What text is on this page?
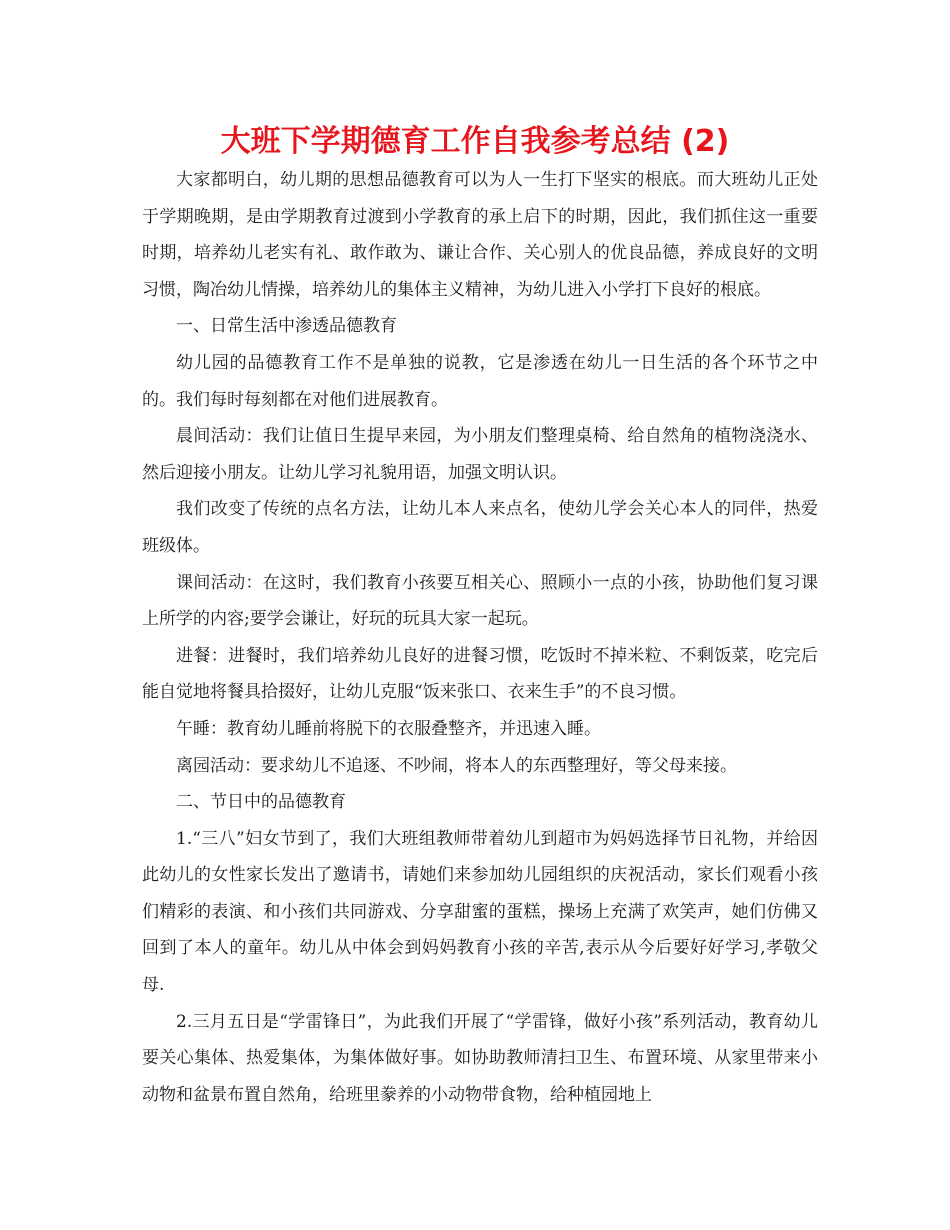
大班下学期德育工作自我参考总结 (2)

大家都明白，幼儿期的思想品德教育可以为人一生打下坚实的根底。而大班幼儿正处于学期晚期，是由学期教育过渡到小学教育的承上启下的时期，因此，我们抓住这一重要时期，培养幼儿老实有礼、敢作敢为、谦让合作、关心别人的优良品德，养成良好的文明习惯，陶冶幼儿情操，培养幼儿的集体主义精神，为幼儿进入小学打下良好的根底。

一、日常生活中渗透品德教育

幼儿园的品德教育工作不是单独的说教，它是渗透在幼儿一日生活的各个环节之中的。我们每时每刻都在对他们进展教育。

晨间活动：我们让值日生提早来园，为小朋友们整理桌椅、给自然角的植物浇浇水、然后迎接小朋友。让幼儿学习礼貌用语，加强文明认识。

我们改变了传统的点名方法，让幼儿本人来点名，使幼儿学会关心本人的同伴，热爱班级体。

课间活动：在这时，我们教育小孩要互相关心、照顾小一点的小孩，协助他们复习课上所学的内容;要学会谦让，好玩的玩具大家一起玩。

进餐：进餐时，我们培养幼儿良好的进餐习惯，吃饭时不掉米粒、不剩饭菜，吃完后能自觉地将餐具拾掇好，让幼儿克服“饭来张口、衣来生手”的不良习惯。

午睡：教育幼儿睡前将脱下的衣服叠整齐，并迅速入睡。

离园活动：要求幼儿不追逐、不吵闹，将本人的东西整理好，等父母来接。

二、节日中的品德教育

1.“三八”妇女节到了，我们大班组教师带着幼儿到超市为妈妈选择节日礼物，并给因此幼儿的女性家长发出了邀请书，请她们来参加幼儿园组织的庆祝活动，家长们观看小孩们精彩的表演、和小孩们共同游戏、分享甜蜜的蛋糕，操场上充满了欢笑声，她们仿佛又回到了本人的童年。幼儿从中体会到妈妈教育小孩的辛苦,表示从今后要好好学习,孝敬父母.

2.三月五日是“学雷锋日”，为此我们开展了“学雷锋，做好小孩”系列活动，教育幼儿要关心集体、热爱集体，为集体做好事。如协助教师清扫卫生、布置环境、从家里带来小动物和盆景布置自然角，给班里豢养的小动物带食物，给种植园地上
